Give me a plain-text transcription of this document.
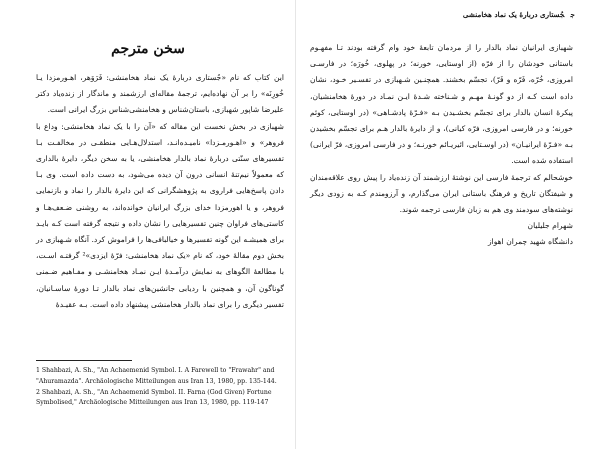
سخن مترجم

این کتاب که نام «جُستاری دربارهٔ یک نماد هخامنشی: فَرَوَهر، اهـورمزدا یـا خُورِنَه» را بر آن نهاده‌ایم، ترجمهٔ مقاله‌ای ارزشمند و ماندگار از زنده‌یاد دکتر علیرضا شاپور شهبازی، باستان‌شناس و هخامنشی‌شناس بزرگ ایرانی است.

شهبازی در بخش نخست این مقاله که «آن را با یک نماد هخامنشی: وداع با فروهر» و «اهـورمـزدا» نامیـده‌انـد، استدلال‌هـایی منطقـی در مخالفـت بـا تفسیرهای سنّتی دربارهٔ نماد بالدار هخامنشی، یا به سخن دیگر، دایرهٔ بالداری که معمولاً نیم‌تنهٔ انسانی درون آن دیده می‌شود، به دست داده است. وی بـا دادن پاسخ‌هایی فراروی به پژوهشگرانی که این دایرهٔ بالدار را نماد و بازنمایی فروهر، و یا اهورمزدا خدای بزرگ ایرانیان خوانده‌اند، به روشنی ضـعف‌هـا و کاستی‌های فراوان چنین تفسیرهایی را نشان داده و نتیجه گرفته است کـه بایـد برای همیشـه این گونه تفسیرها و خیالبافی‌ها را فراموش کرد. آنگاه شـهبازی در بخش دوم مقالهٔ خود، که نام «یک نماد هخامنشی: فرّهٔ ایزدی»² گرفتـه اسـت، با مطالعهٔ الگوهای به نمایش درآمـدهٔ ایـن نمـاد هخامنشـی و مفـاهیم ضـمنی گوناگون آن، و همچنین با ردیابی جانشین‌های نماد بالدار تـا دورهٔ ساسـانیان، تفسیر دیگری را برای نماد بالدار هخامنشی پیشنهاد داده است. بـه عقیـدهٔ

1 Shahbazi, A. Sh., "An Achaemenid Symbol. I. A Farewell to "Frawahr" and "Ahuramazda". Archäologische Mitteilungen aus Iran 13, 1980, pp. 135-144.
2 Shahbazi, A. Sh., "An Achaemenid Symbol. II. Farna (God Given) Fortune Symbolised," Archäologische Mitteilungen aus Iran 13, 1980, pp. 119-147
ججُستاری دربارهٔ یک نماد هخامنشی

شهبازی ایرانیان نماد بالدار را از مردمان تابعهٔ خود وام گرفته بودند تـا مفهـوم باستانی خودشان را از فرّه (از اوستایی، خورنه؛ در پهلوی، خُورَه؛ در فارسـی امروزی، خُرّه، فَرّه و فَرّ)، تجسّم بخشند. همچنـین شـهبازی در تفسـیر خـود، نشان داده است کـه از دو گونـهٔ مهـم و شـناخته شـدهٔ ایـن نمـاد در دورهٔ هخامنشیان، پیکرهٔ انسان بالدار برای تجسّم بخشـیدن بـه «فـرّهٔ پادشـاهی» (در اوستایی، کوئم خورنه؛ و در فارسی امروزی، فرّه کیانی)، و از دایرهٔ بالدار هـم برای تجسّم بخشیدن بـه «فـرّهٔ ایرانیـان» (در اوسـتایی، ائیریـائم خورنـه؛ و در فارسی امروزی، فرّ ایرانی) استفاده شده است.

خوشحالم که ترجمهٔ فارسی این نوشتهٔ ارزشمند آن زنده‌یاد را پیش روی علاقه‌مندان و شیفتگان تاریخ و فرهنگ باستانی ایران می‌گذارم، و آرزومندم کـه به زودی دیگر نوشته‌های سودمند وی هم به زبان فارسی ترجمه شوند.

شهرام جلیلیان

دانشگاه شهید چمران اهواز
